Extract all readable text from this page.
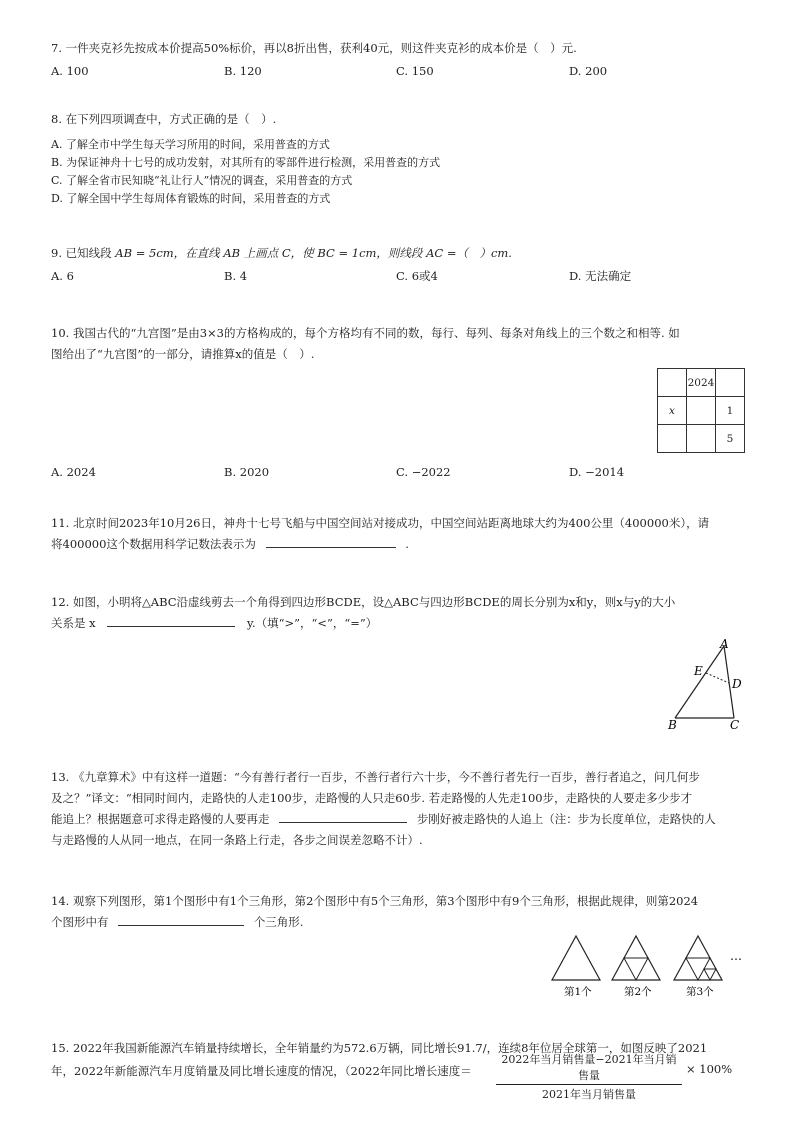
7. 一件夹克衫先按成本价提高50%标价，再以8折出售，获利40元，则这件夹克衫的成本价是（　）元.

A. 100	B. 120	C. 150	D. 200

8. 在下列四项调查中，方式正确的是（　）.

A. 了解全市中学生每天学习所用的时间，采用普查的方式

B. 为保证神舟十七号的成功发射，对其所有的零部件进行检测，采用普查的方式

C. 了解全省市民知晓“礼让行人”情况的调查，采用普查的方式

D. 了解全国中学生每周体育锻炼的时间，采用普查的方式

9. 已知线段 AB = 5cm，在直线 AB 上画点 C，使 BC = 1cm，则线段 AC =（　）cm.

A. 6	B. 4	C. 6或4	D. 无法确定

10. 我国古代的“九宫图”是由3×3的方格构成的，每个方格均有不同的数，每行、每列、每条对角线上的三个数之和相等. 如

图给出了“九宫图”的一部分，请推算x的值是（　）.

	2024	
x		1
		5
A. 2024	B. 2020	C. −2022	D. −2014

11. 北京时间2023年10月26日，神舟十七号飞船与中国空间站对接成功，中国空间站距离地球大约为400公里（400000米），请

将400000这个数据用科学记数法表示为	.

12. 如图，小明将△ABC沿虚线剪去一个角得到四边形BCDE，设△ABC与四边形BCDE的周长分别为x和y，则x与y的大小

关系是 x	y.（填“>”，“<”，“=”）

A
E
D
B	C

13. 《九章算术》中有这样一道题：“今有善行者行一百步，不善行者行六十步，今不善行者先行一百步，善行者追之，问几何步

及之？”译文：“相同时间内，走路快的人走100步，走路慢的人只走60步. 若走路慢的人先走100步，走路快的人要走多少步才

能追上？根据题意可求得走路慢的人要再走	步刚好被走路快的人追上（注：步为长度单位，走路快的人

与走路慢的人从同一地点，在同一条路上行走，各步之间误差忽略不计）.

14. 观察下列图形，第1个图形中有1个三角形，第2个图形中有5个三角形，第3个图形中有9个三角形，根据此规律，则第2024

个图形中有	个三角形.

…
第1个	第2个	第3个

15. 2022年我国新能源汽车销量持续增长，全年销量约为572.6万辆，同比增长91.7/，连续8年位居全球第一，如图反映了2021

年，2022年新能源汽车月度销量及同比增长速度的情况，（2022年同比增长速度＝

2022年当月销售量−2021年当月销售量
2021年当月销售量
× 100%
